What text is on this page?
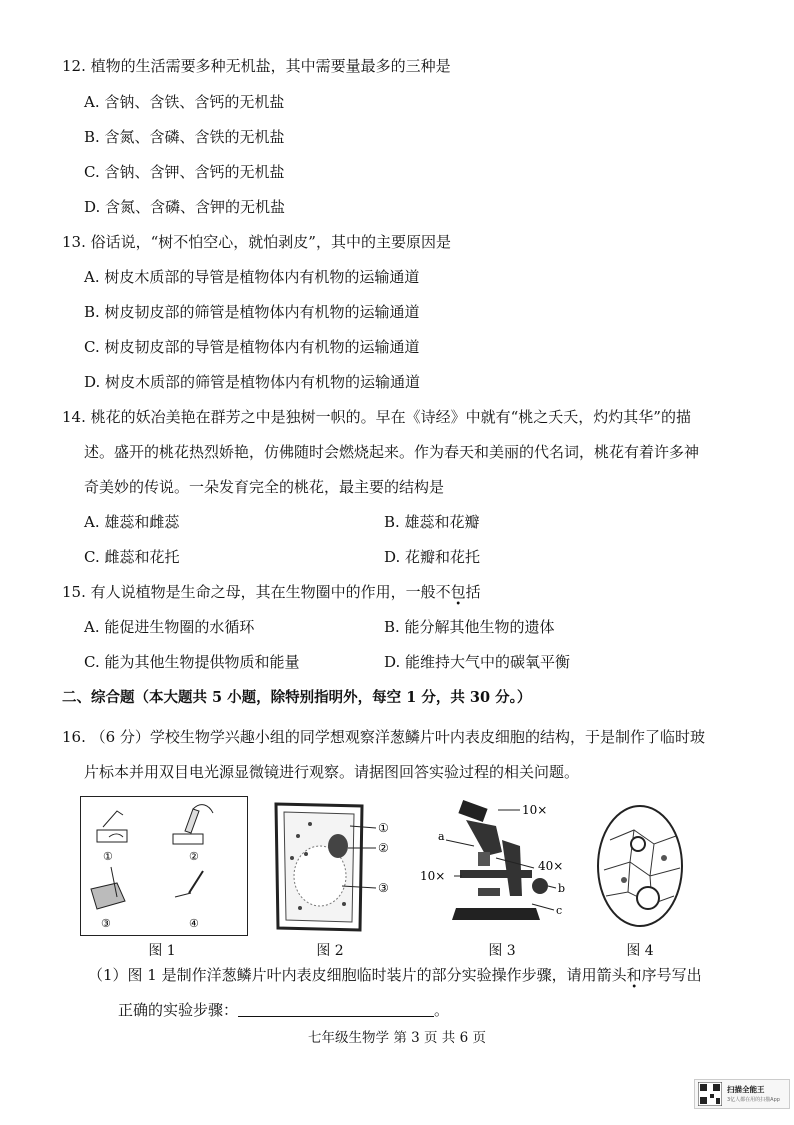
12. 植物的生活需要多种无机盐，其中需要量最多的三种是
A. 含钠、含铁、含钙的无机盐
B. 含氮、含磷、含铁的无机盐
C. 含钠、含钾、含钙的无机盐
D. 含氮、含磷、含钾的无机盐
13. 俗话说，“树不怕空心，就怕剥皮”，其中的主要原因是
A. 树皮木质部的导管是植物体内有机物的运输通道
B. 树皮韧皮部的筛管是植物体内有机物的运输通道
C. 树皮韧皮部的导管是植物体内有机物的运输通道
D. 树皮木质部的筛管是植物体内有机物的运输通道
14. 桃花的妖冶美艳在群芳之中是独树一帜的。早在《诗经》中就有“桃之夭夭，灼灼其华”的描
述。盛开的桃花热烈娇艳，仿佛随时会燃烧起来。作为春天和美丽的代名词，桃花有着许多神
奇美妙的传说。一朵发育完全的桃花，最主要的结构是
A. 雄蕊和雌蕊	B. 雄蕊和花瓣
C. 雌蕊和花托	D. 花瓣和花托
15. 有人说植物是生命之母，其在生物圈中的作用，一般不包括
A. 能促进生物圈的水循环	B. 能分解其他生物的遗体
C. 能为其他生物提供物质和能量	D. 能维持大气中的碳氧平衡
二、综合题（本大题共 5 小题，除特别指明外，每空 1 分，共 30 分。）
16. （6 分）学校生物学兴趣小组的同学想观察洋葱鳞片叶内表皮细胞的结构，于是制作了临时玻
片标本并用双目电光源显微镜进行观察。请据图回答实验过程的相关问题。
①	②
③	④
图 1
①
②
③
图 2
10×
a
10×
40×
b
c
图 3	图 4
（1）图 1 是制作洋葱鳞片叶内表皮细胞临时装片的部分实验操作步骤，请用箭头和序号 •写出
正确的实验步骤：	。
七年级生物学 第 3 页 共 6 页
扫描全能王
3亿人都在用的扫描App
